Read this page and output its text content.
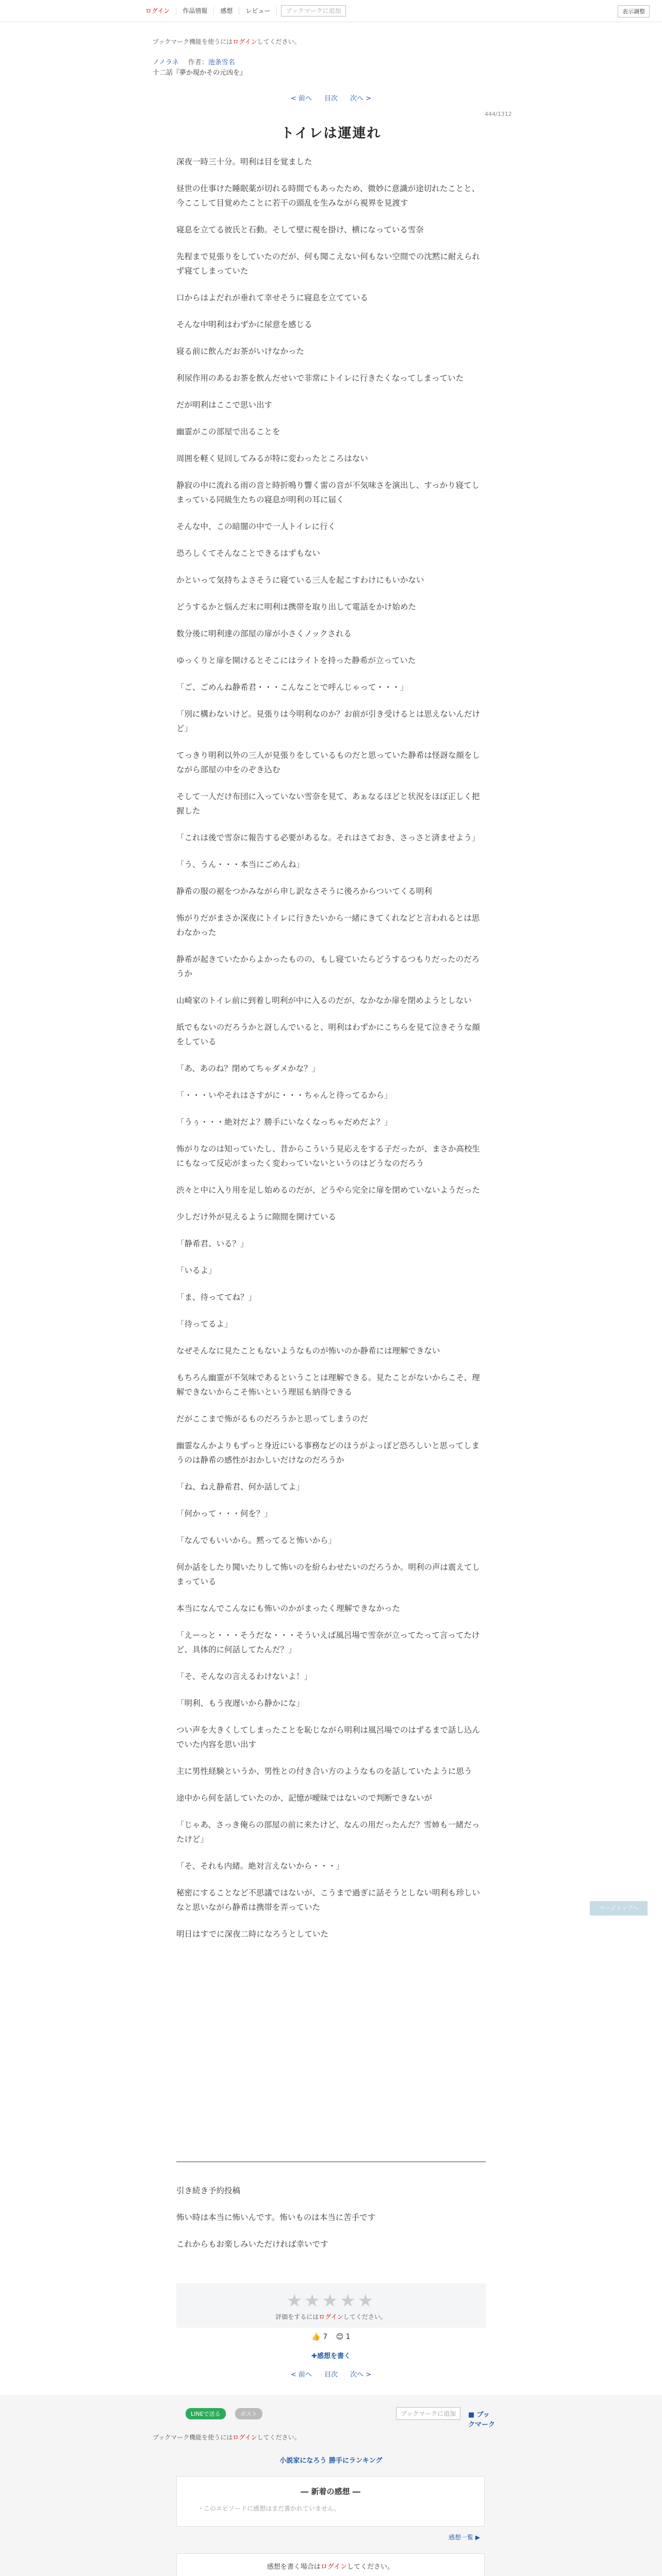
ログイン	作品情報	感想	レビュー	ブックマークに追加	表示調整
ブックマーク機能を使うにはログインしてください。
ノノラネ 作者：池条雪名
十二話『夢か現かその元凶を』
< 前へ 目次 次へ >
444/1312
トイレは運連れ

深夜一時三十分。明利は目を覚ました

昼世の仕事けた睡眠薬が切れる時間でもあったため、微妙に意識が途切れたことと、今ここして目覚めたことに若干の頭乱を生みながら視界を見渡す

寝息を立てる彼氏と石動。そして壁に視を掛け、横になっている雪奈

先程まで見張りをしていたのだが、何も聞こえない何もない空間での沈黙に耐えられず寝てしまっていた

口からはよだれが垂れて幸せそうに寝息を立てている

そんな中明利はわずかに尿意を感じる

寝る前に飲んだお茶がいけなかった

利尿作用のあるお茶を飲んだせいで非常にトイレに行きたくなってしまっていた

だが明利はここで思い出す

幽霊がこの部屋で出ることを

周囲を軽く見回してみるが特に変わったところはない

静寂の中に流れる雨の音と時折鳴り響く雷の音が不気味さを演出し、すっかり寝てしまっている同級生たちの寝息が明利の耳に届く

そんな中、この暗闇の中で一人トイレに行く

恐ろしくてそんなことできるはずもない

かといって気持ちよさそうに寝ている三人を起こすわけにもいかない

どうするかと悩んだ末に明利は携帯を取り出して電話をかけ始めた

数分後に明利達の部屋の扉が小さくノックされる

ゆっくりと扉を開けるとそこにはライトを持った静希が立っていた

「ご、ごめんね静希君・・・こんなことで呼んじゃって・・・」

「別に構わないけど。見張りは今明利なのか？お前が引き受けるとは思えないんだけど」

てっきり明利以外の三人が見張りをしているものだと思っていた静希は怪訝な顔をしながら部屋の中をのぞき込む

そして一人だけ布団に入っていない雪奈を見て、あぁなるほどと状況をほぼ正しく把握した

「これは後で雪奈に報告する必要があるな。それはさておき、さっさと済ませよう」

「う、うん・・・本当にごめんね」

静希の服の裾をつかみながら申し訳なさそうに後ろからついてくる明利

怖がりだがまさか深夜にトイレに行きたいから一緒にきてくれなどと言われるとは思わなかった

静希が起きていたからよかったものの、もし寝ていたらどうするつもりだったのだろうか

山崎家のトイレ前に到着し明利が中に入るのだが、なかなか扉を閉めようとしない

紙でもないのだろうかと訝しんでいると、明利はわずかにこちらを見て泣きそうな顔をしている

「あ、あのね？閉めてちゃダメかな？」

「・・・いやそれはさすがに・・・ちゃんと待ってるから」

「うぅ・・・絶対だよ？勝手にいなくなっちゃだめだよ？」

怖がりなのは知っていたし、昔からこういう見応えをする子だったが、まさか高校生にもなって反応がまったく変わっていないというのはどうなのだろう

渋々と中に入り用を足し始めるのだが、どうやら完全に扉を閉めていないようだった

少しだけ外が見えるように隙間を開けている

「静希君、いる？」

「いるよ」

「ま、待っててね？」

「待ってるよ」

なぜそんなに見たこともないようなものが怖いのか静希には理解できない

もちろん幽霊が不気味であるということは理解できる。見たことがないからこそ、理解できないからこそ怖いという理屈も納得できる

だがここまで怖がるものだろうかと思ってしまうのだ

幽霊なんかよりもずっと身近にいる事務などのほうがよっぽど恐ろしいと思ってしまうのは静希の感性がおかしいだけなのだろうか

「ね、ねえ静希君、何か話してよ」

「何かって・・・何を？」

「なんでもいいから。黙ってると怖いから」

何か話をしたり聞いたりして怖いのを紛らわせたいのだろうか。明利の声は震えてしまっている

本当になんでこんなにも怖いのかがまったく理解できなかった

「えーっと・・・そうだな・・・そういえば風呂場で雪奈が立ってたって言ってたけど、具体的に何話してたんだ？」

「そ、そんなの言えるわけないよ！」

「明利、もう夜遅いから静かにな」

つい声を大きくしてしまったことを恥じながら明利は風呂場でのはずるまで話し込んでいた内容を思い出す

主に男性経験というか、男性との付き合い方のようなものを話していたように思う

途中から何を話していたのか、記憶が曖昧ではないので判断できないが

「じゃあ、さっき俺らの部屋の前に来たけど、なんの用だったんだ？雪姉も一緒だったけど」

「そ、それも内緒。絶対言えないから・・・」

秘密にすることなど不思議ではないが、こうまで過ぎに話そうとしない明利も珍しいなと思いながら静希は携帯を弄っていた

明日はすでに深夜二時になろうとしていた

引き続き予約投稿

怖い時は本当に怖いんです。怖いものは本当に苦手です

これからもお楽しみいただければ幸いです

★★★★★
評価をするにはログインしてください。
👍 7 😊 1
✚感想を書く
< 前へ 目次 次へ >
LINEで送る	ポスト	ブックマークに追加	■ ブックマーク
ブックマーク機能を使うにはログインしてください。
小説家になろう 勝手にランキング
― 新着の感想 ―
・このエピソードに感想はまだ書かれていません。
感想一覧 ▶
感想を書く場合はログインしてください。
ページトップへ
